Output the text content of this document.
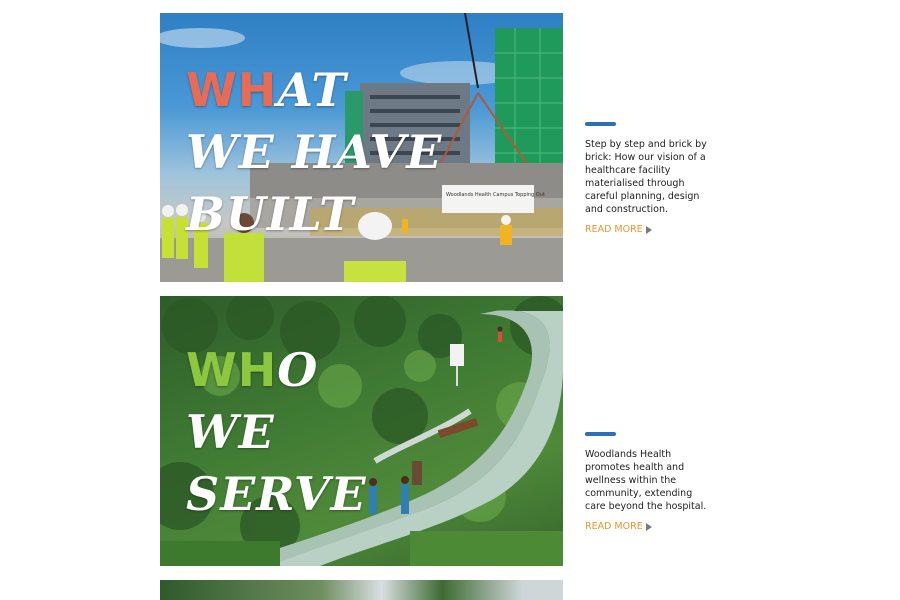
Woodlands Health Campus Topping Out
WHAT
WE HAVE
BUILT

Step by step and brick by brick: How our vision of a healthcare facility materialised through careful planning, design and construction.

READ MORE
WHO
WE
SERVE

Woodlands Health promotes health and wellness within the community, extending care beyond the hospital.

READ MORE
